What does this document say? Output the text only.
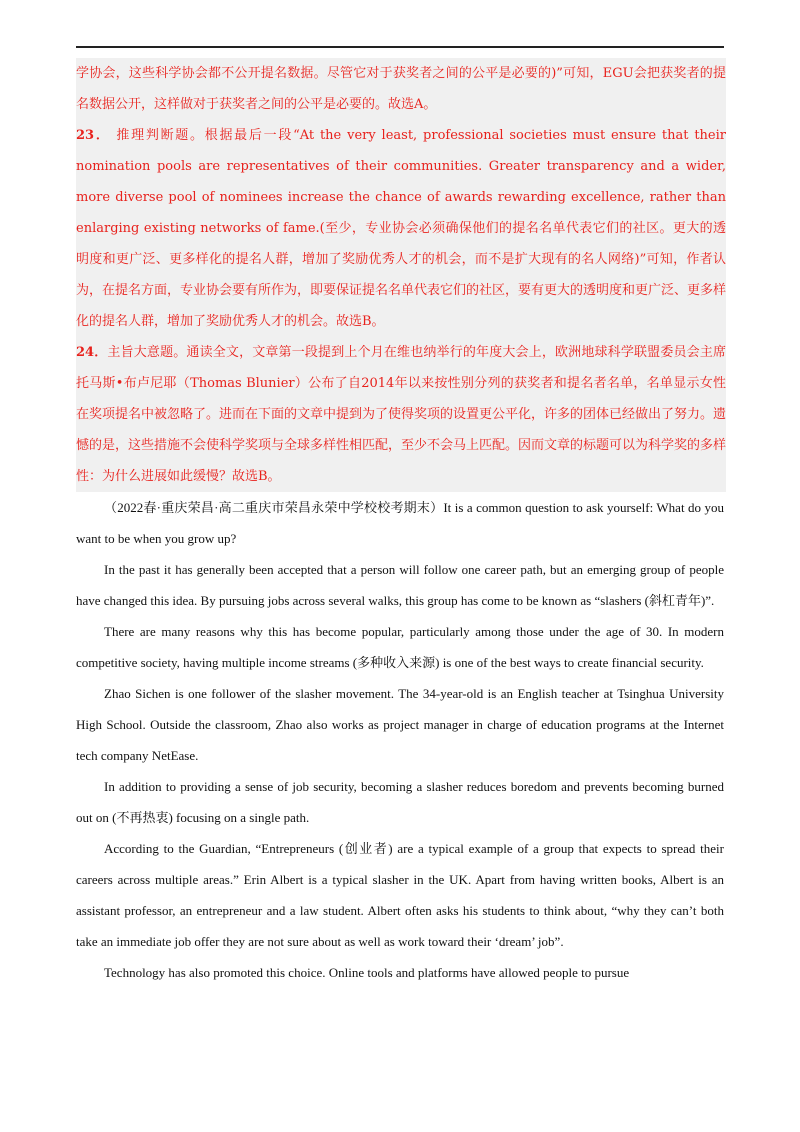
学协会，这些科学协会都不公开提名数据。尽管它对于获奖者之间的公平是必要的)”可知，EGU会把获奖者的提名数据公开，这样做对于获奖者之间的公平是必要的。故选A。

23． 推理判断题。根据最后一段“At the very least, professional societies must ensure that their nomination pools are representatives of their communities. Greater transparency and a wider, more diverse pool of nominees increase the chance of awards rewarding excellence, rather than enlarging existing networks of fame.(至少，专业协会必须确保他们的提名名单代表它们的社区。更大的透明度和更广泛、更多样化的提名人群，增加了奖励优秀人才的机会，而不是扩大现有的名人网络)”可知，作者认为，在提名方面，专业协会要有所作为，即要保证提名名单代表它们的社区，要有更大的透明度和更广泛、更多样化的提名人群，增加了奖励优秀人才的机会。故选B。

24．主旨大意题。通读全文，文章第一段提到上个月在维也纳举行的年度大会上，欧洲地球科学联盟委员会主席托马斯•布卢尼耶（Thomas Blunier）公布了自2014年以来按性别分列的获奖者和提名者名单，名单显示女性在奖项提名中被忽略了。进而在下面的文章中提到为了使得奖项的设置更公平化，许多的团体已经做出了努力。遗憾的是，这些措施不会使科学奖项与全球多样性相匹配，至少不会马上匹配。因而文章的标题可以为科学奖的多样性：为什么进展如此缓慢？故选B。

（2022春·重庆荣昌·高二重庆市荣昌永荣中学校校考期末）It is a common question to ask yourself: What do you want to be when you grow up?

In the past it has generally been accepted that a person will follow one career path, but an emerging group of people have changed this idea. By pursuing jobs across several walks, this group has come to be known as “slashers (斜杠青年)”.

There are many reasons why this has become popular, particularly among those under the age of 30. In modern competitive society, having multiple income streams (多种收入来源) is one of the best ways to create financial security.

Zhao Sichen is one follower of the slasher movement. The 34-year-old is an English teacher at Tsinghua University High School. Outside the classroom, Zhao also works as project manager in charge of education programs at the Internet tech company NetEase.

In addition to providing a sense of job security, becoming a slasher reduces boredom and prevents becoming burned out on (不再热衷) focusing on a single path.

According to the Guardian, “Entrepreneurs (创业者) are a typical example of a group that expects to spread their careers across multiple areas.” Erin Albert is a typical slasher in the UK. Apart from having written books, Albert is an assistant professor, an entrepreneur and a law student. Albert often asks his students to think about, “why they can’t both take an immediate job offer they are not sure about as well as work toward their ‘dream’ job”.

Technology has also promoted this choice. Online tools and platforms have allowed people to pursue
